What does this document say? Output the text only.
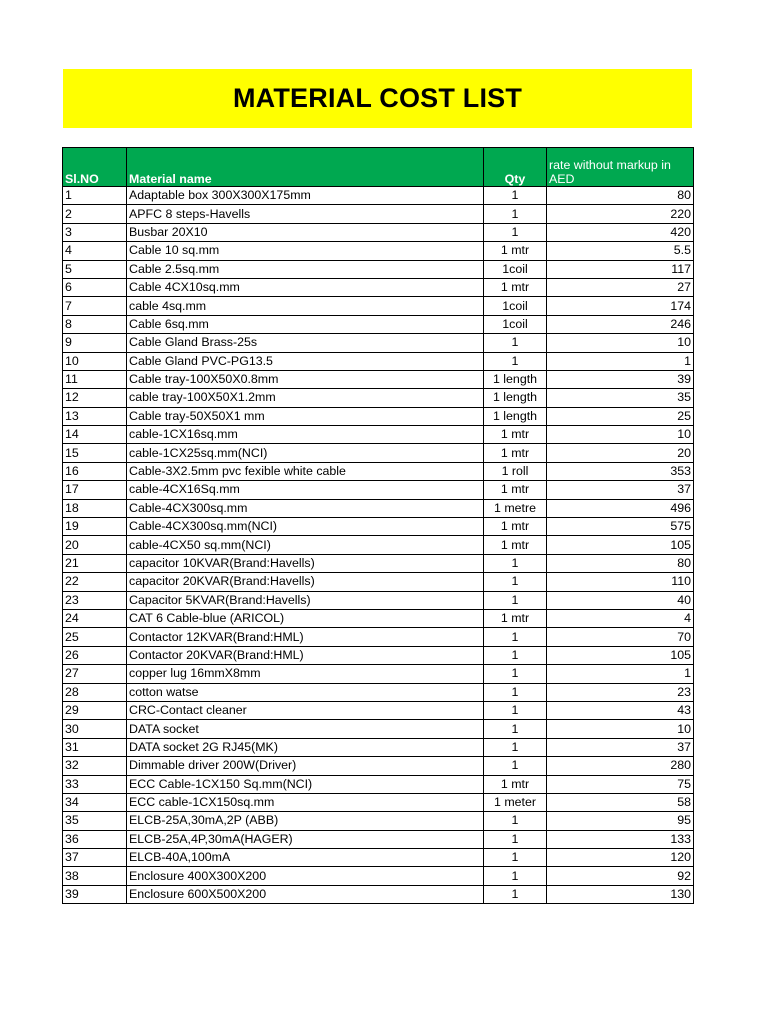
MATERIAL COST LIST
Sl.NO	Material name	Qty	rate without markup in AED
1	Adaptable box 300X300X175mm	1	80
2	APFC 8 steps-Havells	1	220
3	Busbar 20X10	1	420
4	Cable 10 sq.mm	1 mtr	5.5
5	Cable 2.5sq.mm	1coil	117
6	Cable 4CX10sq.mm	1 mtr	27
7	cable 4sq.mm	1coil	174
8	Cable 6sq.mm	1coil	246
9	Cable Gland Brass-25s	1	10
10	Cable Gland PVC-PG13.5	1	1
11	Cable tray-100X50X0.8mm	1 length	39
12	cable tray-100X50X1.2mm	1 length	35
13	Cable tray-50X50X1 mm	1 length	25
14	cable-1CX16sq.mm	1 mtr	10
15	cable-1CX25sq.mm(NCI)	1 mtr	20
16	Cable-3X2.5mm pvc fexible white cable	1 roll	353
17	cable-4CX16Sq.mm	1 mtr	37
18	Cable-4CX300sq.mm	1 metre	496
19	Cable-4CX300sq.mm(NCI)	1 mtr	575
20	cable-4CX50 sq.mm(NCI)	1 mtr	105
21	capacitor 10KVAR(Brand:Havells)	1	80
22	capacitor 20KVAR(Brand:Havells)	1	110
23	Capacitor 5KVAR(Brand:Havells)	1	40
24	CAT 6 Cable-blue (ARICOL)	1 mtr	4
25	Contactor 12KVAR(Brand:HML)	1	70
26	Contactor 20KVAR(Brand:HML)	1	105
27	copper lug 16mmX8mm	1	1
28	cotton watse	1	23
29	CRC-Contact cleaner	1	43
30	DATA socket	1	10
31	DATA socket 2G RJ45(MK)	1	37
32	Dimmable driver 200W(Driver)	1	280
33	ECC Cable-1CX150 Sq.mm(NCI)	1 mtr	75
34	ECC cable-1CX150sq.mm	1 meter	58
35	ELCB-25A,30mA,2P (ABB)	1	95
36	ELCB-25A,4P,30mA(HAGER)	1	133
37	ELCB-40A,100mA	1	120
38	Enclosure 400X300X200	1	92
39	Enclosure 600X500X200	1	130
